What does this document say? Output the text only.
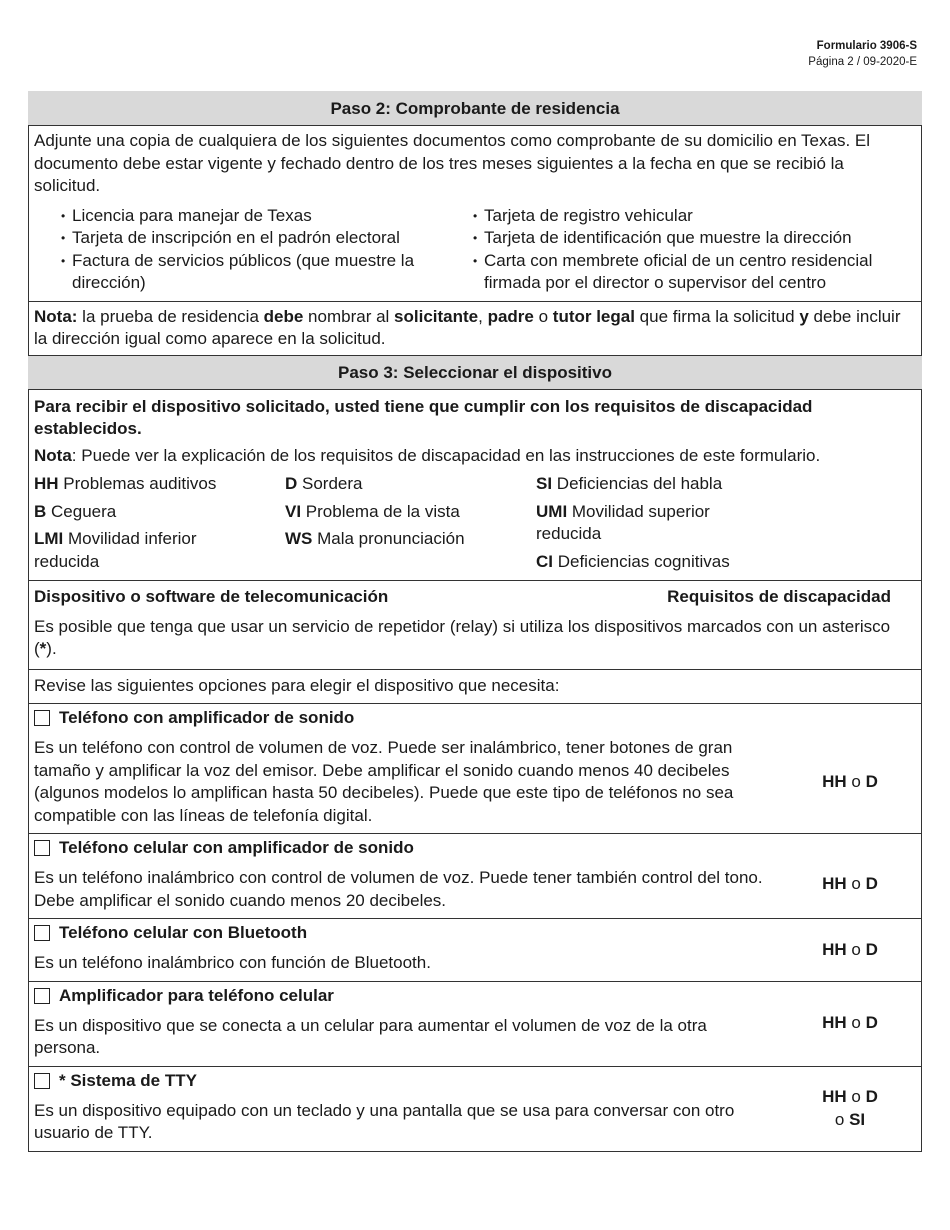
Formulario 3906-S
Página 2 / 09-2020-E
Paso 2: Comprobante de residencia
Adjunte una copia de cualquiera de los siguientes documentos como comprobante de su domicilio en Texas. El documento debe estar vigente y fechado dentro de los tres meses siguientes a la fecha en que se recibió la solicitud.
• Licencia para manejar de Texas
• Tarjeta de inscripción en el padrón electoral
• Factura de servicios públicos (que muestre la dirección)
• Tarjeta de registro vehicular
• Tarjeta de identificación que muestre la dirección
• Carta con membrete oficial de un centro residencial firmada por el director o supervisor del centro
Nota: la prueba de residencia debe nombrar al solicitante, padre o tutor legal que firma la solicitud y debe incluir la dirección igual como aparece en la solicitud.
Paso 3: Seleccionar el dispositivo
Para recibir el dispositivo solicitado, usted tiene que cumplir con los requisitos de discapacidad establecidos.
Nota: Puede ver la explicación de los requisitos de discapacidad en las instrucciones de este formulario.
HH Problemas auditivos
B Ceguera
LMI Movilidad inferior reducida
D Sordera
VI Problema de la vista
WS Mala pronunciación
SI Deficiencias del habla
UMI Movilidad superior reducida
CI Deficiencias cognitivas
Dispositivo o software de telecomunicación	Requisitos de discapacidad
Es posible que tenga que usar un servicio de repetidor (relay) si utiliza los dispositivos marcados con un asterisco (*).
Revise las siguientes opciones para elegir el dispositivo que necesita:
Teléfono con amplificador de sonido
Es un teléfono con control de volumen de voz. Puede ser inalámbrico, tener botones de gran tamaño y amplificar la voz del emisor. Debe amplificar el sonido cuando menos 40 decibeles (algunos modelos lo amplifican hasta 50 decibeles). Puede que este tipo de teléfonos no sea compatible con las líneas de telefonía digital.
HH o D
Teléfono celular con amplificador de sonido
Es un teléfono inalámbrico con control de volumen de voz. Puede tener también control del tono. Debe amplificar el sonido cuando menos 20 decibeles.
HH o D
Teléfono celular con Bluetooth
Es un teléfono inalámbrico con función de Bluetooth.
HH o D
Amplificador para teléfono celular
Es un dispositivo que se conecta a un celular para aumentar el volumen de voz de la otra persona.
HH o D
* Sistema de TTY
Es un dispositivo equipado con un teclado y una pantalla que se usa para conversar con otro usuario de TTY.
HH o D
o SI
